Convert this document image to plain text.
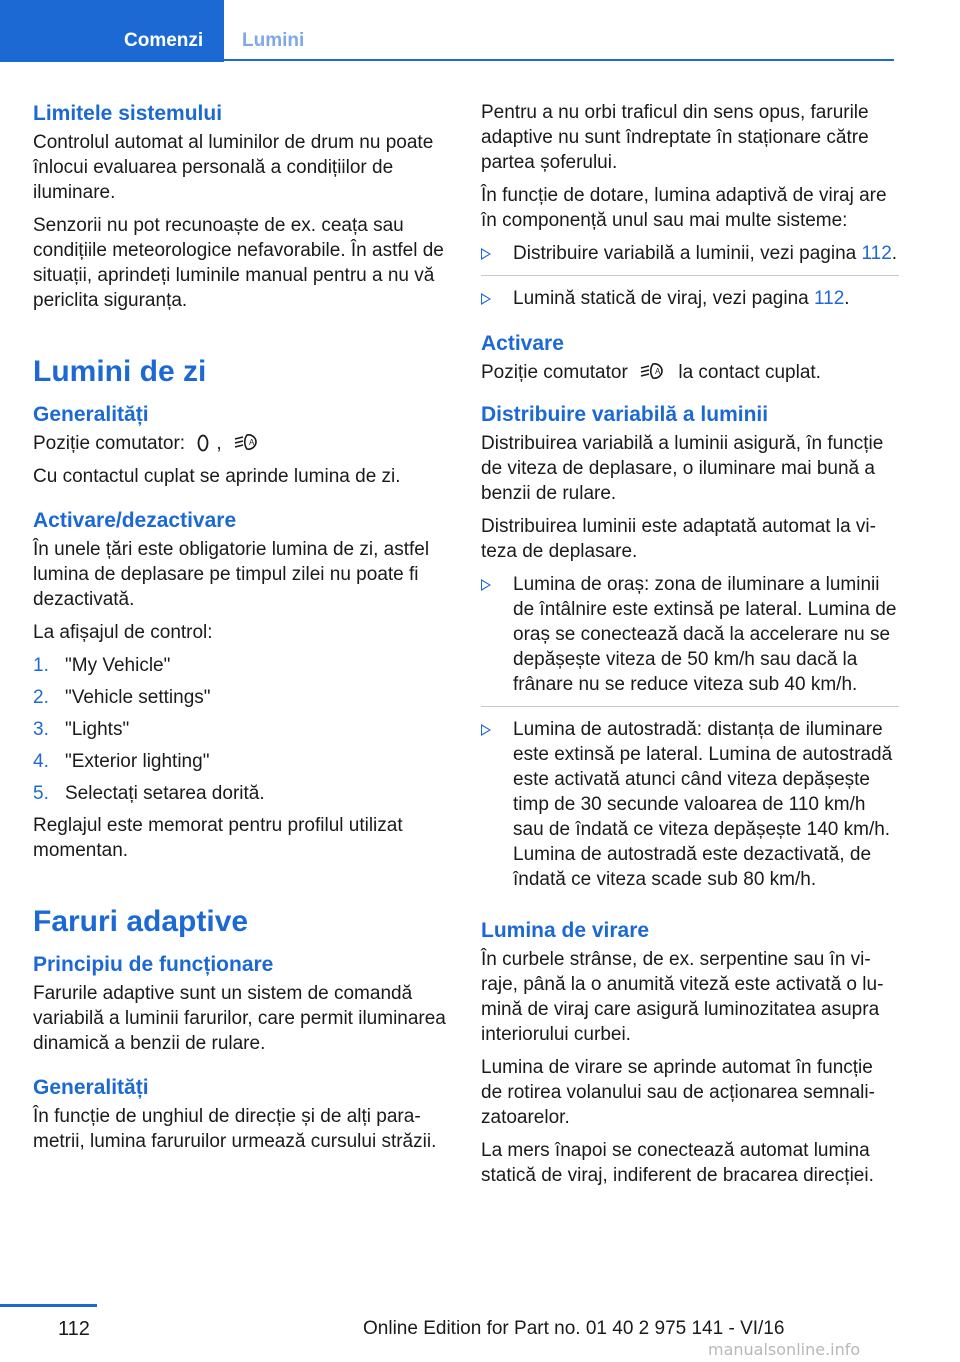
Comenzi Lumini
Limitele sistemului

Controlul automat al luminilor de drum nu poate înlocui evaluarea personală a condițiilor de iluminare.

Senzorii nu pot recunoaște de ex. ceața sau condițiile meteorologice nefavorabile. În astfel de situații, aprindeți luminile manual pentru a nu vă periclita siguranța.

Lumini de zi
Generalități

Poziție comutator: ,	A

Cu contactul cuplat se aprinde lumina de zi.

Activare/dezactivare

În unele țări este obligatorie lumina de zi, astfel lumina de deplasare pe timpul zilei nu poate fi dezactivată.

La afișajul de control:

1. "My Vehicle"
2. "Vehicle settings"
3. "Lights"
4. "Exterior lighting"
5. Selectați setarea dorită.

Reglajul este memorat pentru profilul utilizat momentan.

Faruri adaptive
Principiu de funcționare

Farurile adaptive sunt un sistem de comandă variabilă a luminii farurilor, care permit iluminarea dinamică a benzii de rulare.

Generalități

În funcție de unghiul de direcție și de alți parametrii, lumina faruruilor urmează cursului străzii.

Pentru a nu orbi traficul din sens opus, farurile adaptive nu sunt îndreptate în staționare către partea șoferului.

În funcție de dotare, lumina adaptivă de viraj are în componență unul sau mai multe sisteme:

Distribuire variabilă a luminii, vezi pagina 112.
Lumină statică de viraj, vezi pagina 112.
Activare

Poziție comutator	A la contact cuplat.

Distribuire variabilă a luminii

Distribuirea variabilă a luminii asigură, în funcție de viteza de deplasare, o iluminare mai bună a benzii de rulare.

Distribuirea luminii este adaptată automat la viteza de deplasare.

Lumina de oraș: zona de iluminare a luminii de întâlnire este extinsă pe lateral. Lumina de oraș se conectează dacă la accelerare nu se depășește viteza de 50 km/h sau dacă la frânare nu se reduce viteza sub 40 km/h.
Lumina de autostradă: distanța de iluminare este extinsă pe lateral. Lumina de autostradă este activată atunci când viteza depășește timp de 30 secunde valoarea de 110 km/h sau de îndată ce viteza depășește 140 km/h. Lumina de autostradă este dezactivată, de îndată ce viteza scade sub 80 km/h.
Lumina de virare

În curbele strânse, de ex. serpentine sau în viraje, până la o anumită viteză este activată o lumină de viraj care asigură luminozitatea asupra interiorului curbei.

Lumina de virare se aprinde automat în funcție de rotirea volanului sau de acționarea semnalizatoarelor.

La mers înapoi se conectează automat lumina statică de viraj, indiferent de bracarea direcției.

112	Online Edition for Part no. 01 40 2 975 141 - VI/16
manualsonline.info
